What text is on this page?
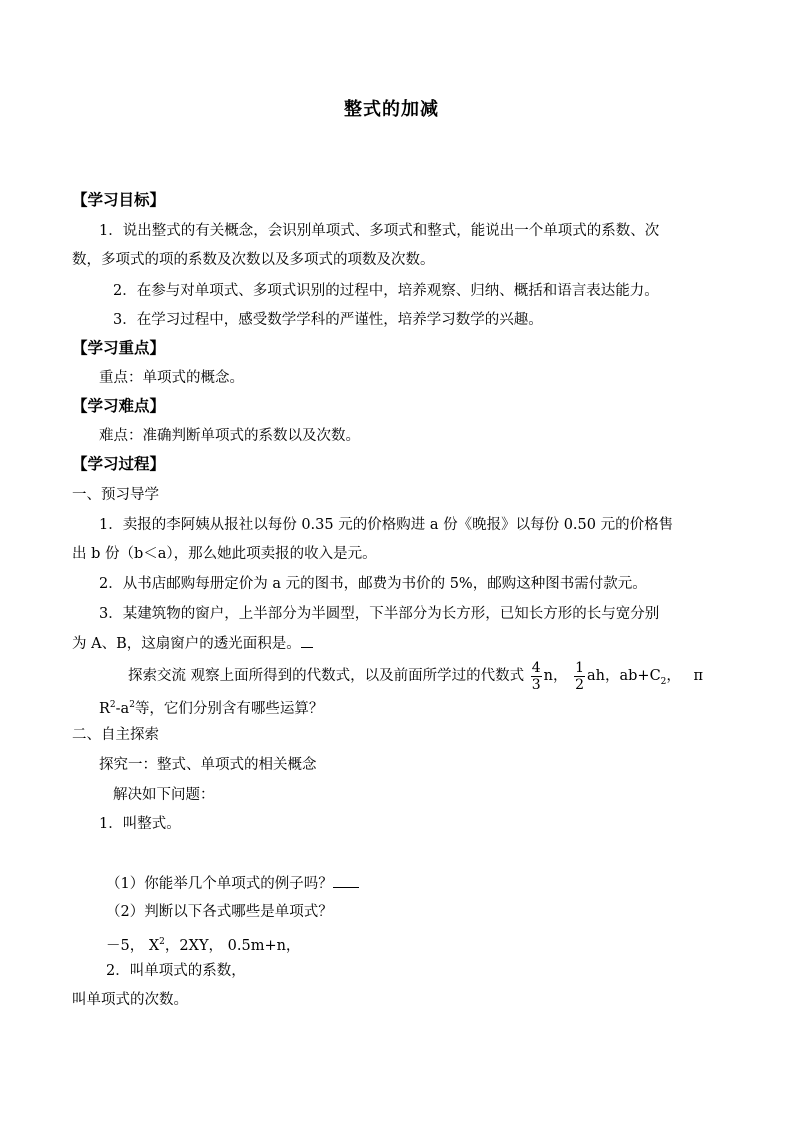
整式的加减
【学习目标】
1．说出整式的有关概念，会识别单项式、多项式和整式，能说出一个单项式的系数、次
数，多项式的项的系数及次数以及多项式的项数及次数。
2．在参与对单项式、多项式识别的过程中，培养观察、归纳、概括和语言表达能力。
3．在学习过程中，感受数学学科的严谨性，培养学习数学的兴趣。
【学习重点】
重点：单项式的概念。
【学习难点】
难点：准确判断单项式的系数以及次数。
【学习过程】
一、预习导学
1．卖报的李阿姨从报社以每份 0.35 元的价格购进 a 份《晚报》以每份 0.50 元的价格售
出 b 份（b＜a），那么她此项卖报的收入是元。
2．从书店邮购每册定价为 a 元的图书，邮费为书价的 5%，邮购这种图书需付款元。
3．某建筑物的窗户，上半部分为半圆型，下半部分为长方形，已知长方形的长与宽分别
为 A、B，这扇窗户的透光面积是。
探索交流 观察上面所得到的代数式，以及前面所学过的代数式 $\frac{4}{3}$ n， $\frac{1}{2}$ ah，$ab+C_2$， π
$R^2-a^2$等，它们分别含有哪些运算？
二、自主探索
探究一：整式、单项式的相关概念
解决如下问题：
1．叫整式。
（1）你能举几个单项式的例子吗？
（2）判断以下各式哪些是单项式？
－5， $X^2$，2XY， 0.5m+n，
2．叫单项式的系数，
叫单项式的次数。
